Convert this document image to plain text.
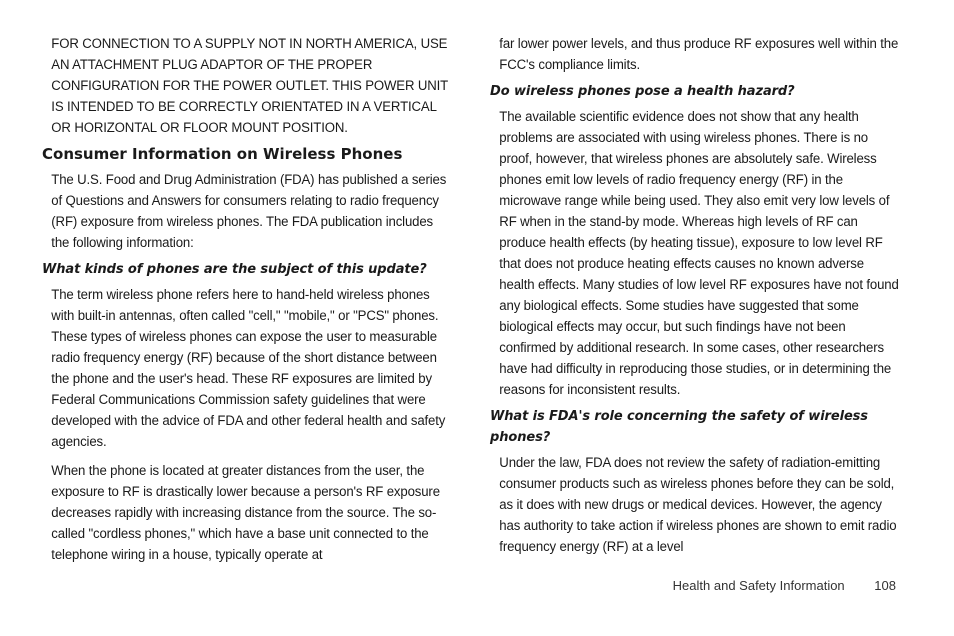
FOR CONNECTION TO A SUPPLY NOT IN NORTH AMERICA, USE AN ATTACHMENT PLUG ADAPTOR OF THE PROPER CONFIGURATION FOR THE POWER OUTLET. THIS POWER UNIT IS INTENDED TO BE CORRECTLY ORIENTATED IN A VERTICAL OR HORIZONTAL OR FLOOR MOUNT POSITION.

Consumer Information on Wireless Phones

The U.S. Food and Drug Administration (FDA) has published a series of Questions and Answers for consumers relating to radio frequency (RF) exposure from wireless phones. The FDA publication includes the following information:

What kinds of phones are the subject of this update?

The term wireless phone refers here to hand-held wireless phones with built-in antennas, often called "cell," "mobile," or "PCS" phones. These types of wireless phones can expose the user to measurable radio frequency energy (RF) because of the short distance between the phone and the user's head. These RF exposures are limited by Federal Communications Commission safety guidelines that were developed with the advice of FDA and other federal health and safety agencies.

When the phone is located at greater distances from the user, the exposure to RF is drastically lower because a person's RF exposure decreases rapidly with increasing distance from the source. The so-called "cordless phones," which have a base unit connected to the telephone wiring in a house, typically operate at

far lower power levels, and thus produce RF exposures well within the FCC's compliance limits.

Do wireless phones pose a health hazard?

The available scientific evidence does not show that any health problems are associated with using wireless phones. There is no proof, however, that wireless phones are absolutely safe. Wireless phones emit low levels of radio frequency energy (RF) in the microwave range while being used. They also emit very low levels of RF when in the stand-by mode. Whereas high levels of RF can produce health effects (by heating tissue), exposure to low level RF that does not produce heating effects causes no known adverse health effects. Many studies of low level RF exposures have not found any biological effects. Some studies have suggested that some biological effects may occur, but such findings have not been confirmed by additional research. In some cases, other researchers have had difficulty in reproducing those studies, or in determining the reasons for inconsistent results.

What is FDA's role concerning the safety of wireless phones?

Under the law, FDA does not review the safety of radiation-emitting consumer products such as wireless phones before they can be sold, as it does with new drugs or medical devices. However, the agency has authority to take action if wireless phones are shown to emit radio frequency energy (RF) at a level

Health and Safety Information 108
